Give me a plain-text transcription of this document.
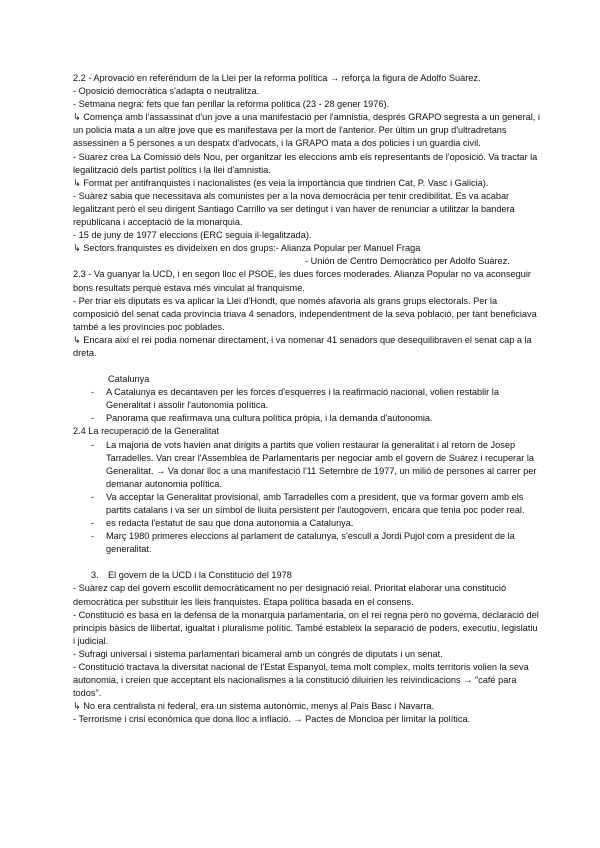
2.2 - Aprovació en referèndum de la Llei per la reforma política → reforça la figura de Adolfo Suàrez.
- Oposició democràtica s'adapta o neutralitza.
- Setmana negra: fets que fan perillar la reforma política (23 - 28 gener 1976).

↳ Comença amb l'assassinat d'un jove a una manifestació per l'amnistia, després GRAPO segresta a un general, i un policia mata a un altre jove que es manifestava per la mort de l'anterior. Per últim un grup d'ultradretans assessinen a 5 persones a un despatx d'advocats, i la GRAPO mata a dos policies i un guardia civil.

- Suarez crea La Comissió dels Nou, per organitzar les eleccions amb els representants de l'oposició. Va tractar la legalització dels partist polítics i la llei d'amnistia.

↳ Format per antifranquistes i nacionalistes (es veia la importància que tindrien Cat, P. Vasc i Galicia).

- Suàrez sabia que necessitava als comunistes per a la nova democràcia per tenir credibilitat. Es va acabar legalitzant però el seu dirigent Santiago Carrillo va ser detingut i van haver de renunciar a utilitzar la bandera republicana i acceptació de la monarquia.

- 15 de juny de 1977 eleccions (ERC seguia il·legalitzada).
↳ Sectors franquistes es divideixen en dos grups:- Alianza Popular per Manuel Fraga
- Unión de Centro Democràtico per Adolfo Suàrez.

2.3 - Va guanyar la UCD, i en segon lloc el PSOE, les dues forces moderades. Alianza Popular no va aconseguir bons resultats perquè estava més vinculat al franquisme.

- Per triar els diputats es va aplicar la Llei d'Hondt, que només afavoria als grans grups electorals. Per la composició del senat cada província triava 4 senadors, independentment de la seva població, per tant beneficiava també a les províncies poc poblades.

↳ Encara així el rei podia nomenar directament, i va nomenar 41 senadors que desequilibraven el senat cap a la dreta.

Catalunya
-	A Catalunya es decantaven per les forces d'esquerres i la reafirmació nacional, volien restablir la Generalitat i assolir l'autonomia política.
-	Panorama que reafirmava una cultura política pròpia, i la demanda d'autonomia.
2.4 La recuperació de la Generalitat
-	La majoria de vots havien anat dirigits a partits que volien restaurar la generalitat i al retorn de Josep Tarradelles. Van crear l'Assemblea de Parlamentaris per negociar amb el govern de Suárez i recuperar la Generalitat. → Va donar lloc a una manifestació l'11 Setembre de 1977, un milió de persones al carrer per demanar autonomia política.
-	Va acceptar la Generalitat provisional, amb Tarradelles com a president, que va formar govern amb els partits catalans i va ser un símbol de lluita persistent per l'autogovern, encara que tenia poc poder real.
-	es redacta l'estatut de sau que dona autonomia a Catalunya.
-	Març 1980 primeres eleccions al parlament de catalunya, s'escull a Jordi Pujol com a president de la generalitat.
3.	El govern de la UCD i la Constitució del 1978

- Suàrez cap del govern escollit democràticament no per designació reial. Prioritat elaborar una constitució democràtica per substituir les lleis franquistes. Etapa política basada en el consens.

- Constitució es basa en la defensa de la monarquia parlamentaria, on el rei regna però no governa, declaració del principis bàsics de llibertat, igualtat i pluralisme polític. També estableix la separació de poders, executiu, legislatiu i judicial.

- Sufragi universal i sistema parlamentari bicameral amb un congrés de diputats i un senat.

- Constitució tractava la diversitat nacional de l'Estat Espanyol, tema molt complex, molts territoris volien la seva autonomia, i creien que acceptant els nacionalismes a la constitució diluirien les reivindicacions → "café para todos".

↳ No era centralista ni federal, era un sistema autonòmic, menys al País Basc i Navarra.
- Terrorisme i crisi econòmica que dona lloc a inflació. → Pactes de Moncloa per limitar la política.
